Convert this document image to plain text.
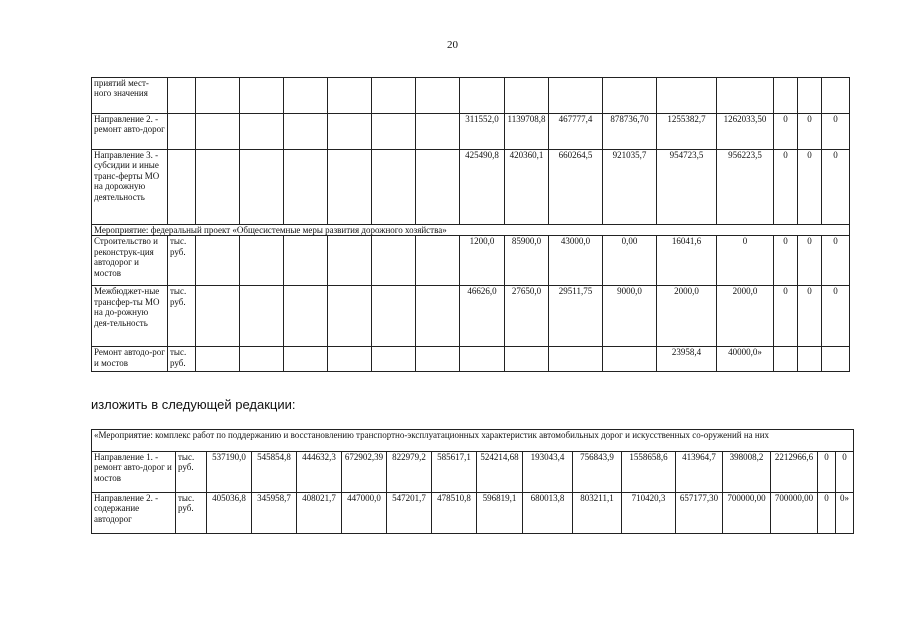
20
приятий мест-ного значения																
Направление 2. - ремонт авто-дорог								311552,0	1139708,8	467777,4	878736,70	1255382,7	1262033,50	0	0	0
Направление 3. - субсидии и иные транс-ферты МО на дорожную деятельность								425490,8	420360,1	660264,5	921035,7	954723,5	956223,5	0	0	0
Мероприятие: федеральный проект «Общесистемные меры развития дорожного хозяйства»																
Строительство и реконструк-ция автодорог и мостов	тыс. руб.							1200,0	85900,0	43000,0	0,00	16041,6	0	0	0	0
Межбюджет-ные трансфер-ты МО на до-рожную дея-тельность	тыс. руб.							46626,0	27650,0	29511,75	9000,0	2000,0	2000,0	0	0	0
Ремонт автодо-рог и мостов	тыс. руб.											23958,4	40000,0»			
изложить в следующей редакции:
«Мероприятие: комплекс работ по поддержанию и восстановлению транспортно-эксплуатационных характеристик автомобильных дорог и искусственных со-оружений на них																
Направление 1. - ремонт авто-дорог и мостов	тыс. руб.	537190,0	545854,8	444632,3	672902,39	822979,2	585617,1	524214,68	193043,4	756843,9	1558658,6	413964,7	398008,2	2212966,6	0	0
Направление 2. - содержание автодорог	тыс. руб.	405036,8	345958,7	408021,7	447000,0	547201,7	478510,8	596819,1	680013,8	803211,1	710420,3	657177,30	700000,00	700000,00	0	0»
